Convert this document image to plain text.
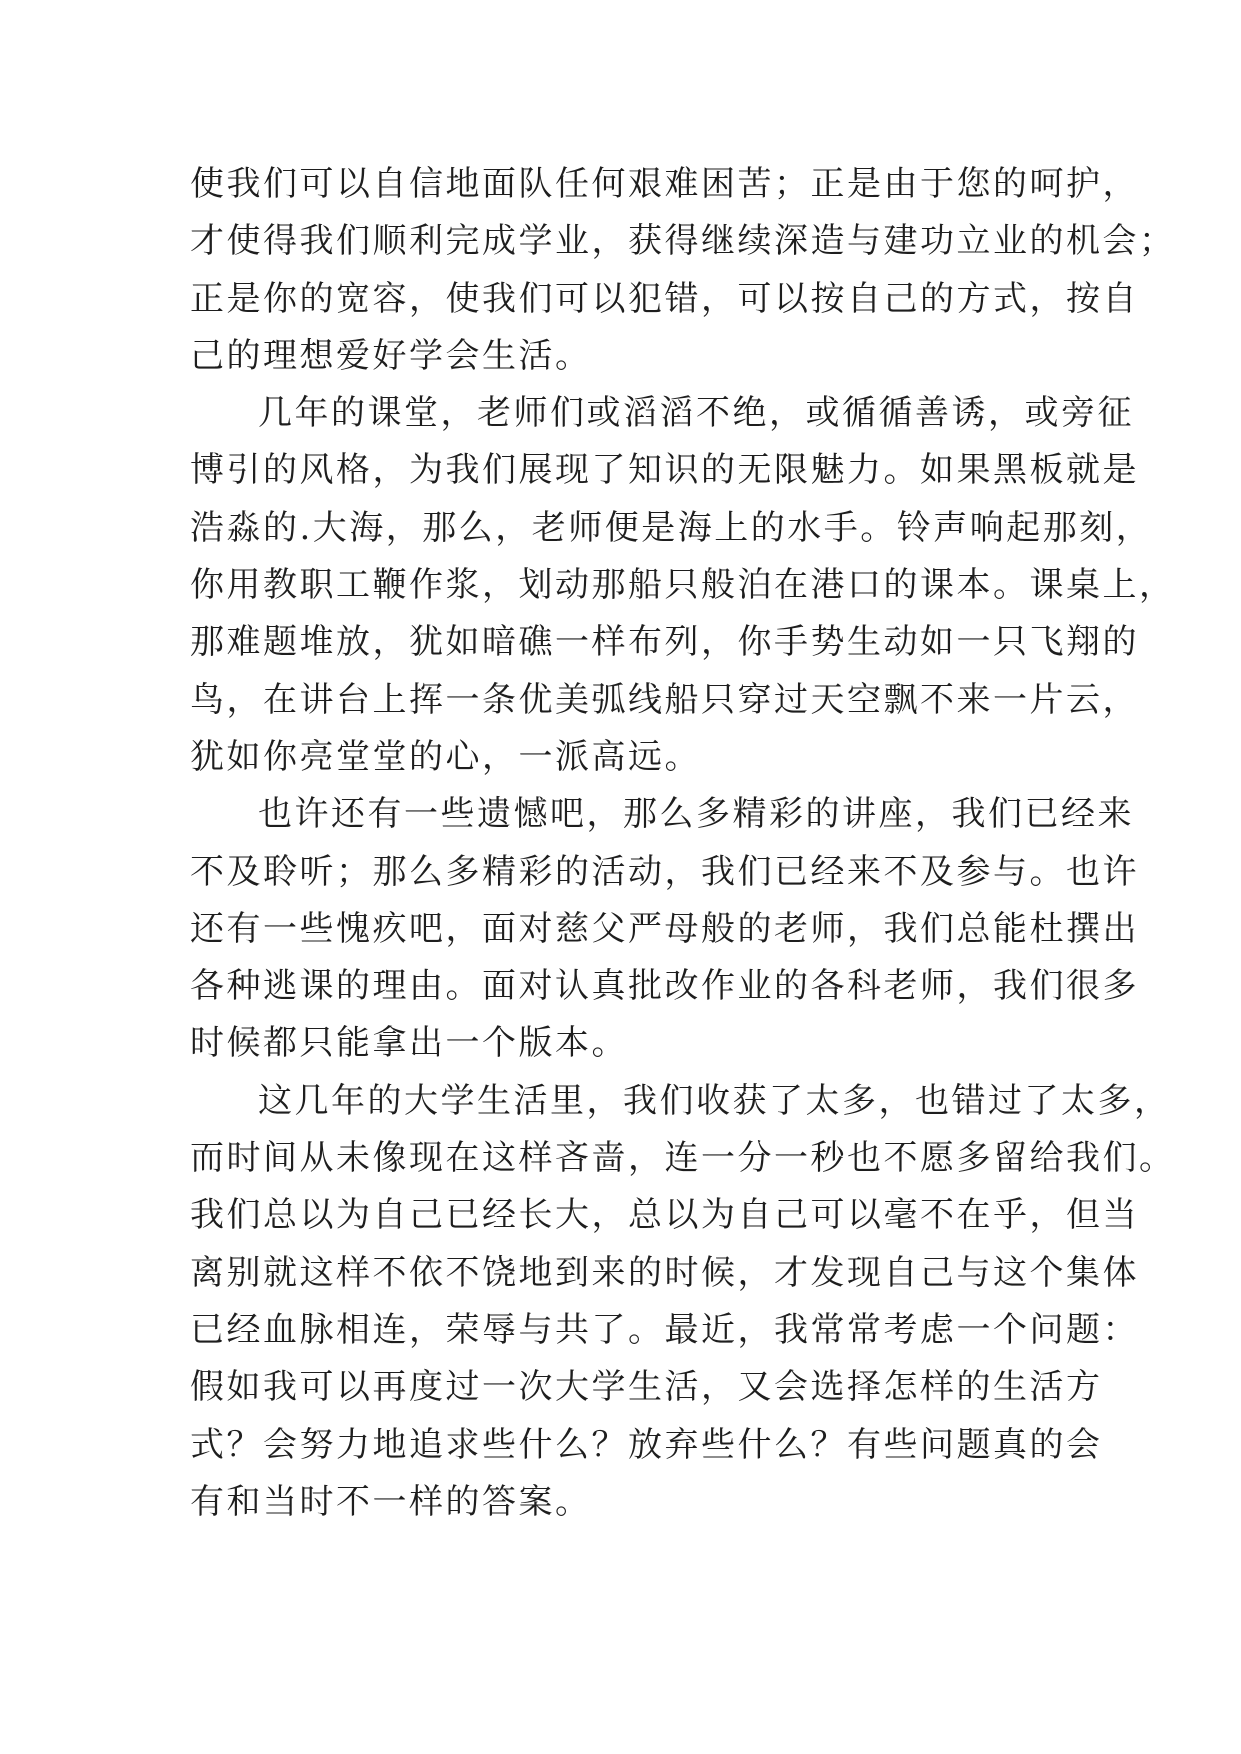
使我们可以自信地面队任何艰难困苦；正是由于您的呵护，
才使得我们顺利完成学业，获得继续深造与建功立业的机会；
正是你的宽容，使我们可以犯错，可以按自己的方式，按自
己的理想爱好学会生活。
几年的课堂，老师们或滔滔不绝，或循循善诱，或旁征
博引的风格，为我们展现了知识的无限魅力。如果黑板就是
浩淼的.大海，那么，老师便是海上的水手。铃声响起那刻，
你用教职工鞭作浆，划动那船只般泊在港口的课本。课桌上，
那难题堆放，犹如暗礁一样布列，你手势生动如一只飞翔的
鸟，在讲台上挥一条优美弧线船只穿过天空飘不来一片云，
犹如你亮堂堂的心，一派高远。
也许还有一些遗憾吧，那么多精彩的讲座，我们已经来
不及聆听；那么多精彩的活动，我们已经来不及参与。也许
还有一些愧疚吧，面对慈父严母般的老师，我们总能杜撰出
各种逃课的理由。面对认真批改作业的各科老师，我们很多
时候都只能拿出一个版本。
这几年的大学生活里，我们收获了太多，也错过了太多，
而时间从未像现在这样吝啬，连一分一秒也不愿多留给我们。
我们总以为自己已经长大，总以为自己可以毫不在乎，但当
离别就这样不依不饶地到来的时候，才发现自己与这个集体
已经血脉相连，荣辱与共了。最近，我常常考虑一个问题：
假如我可以再度过一次大学生活，又会选择怎样的生活方
式？会努力地追求些什么？放弃些什么？有些问题真的会
有和当时不一样的答案。
